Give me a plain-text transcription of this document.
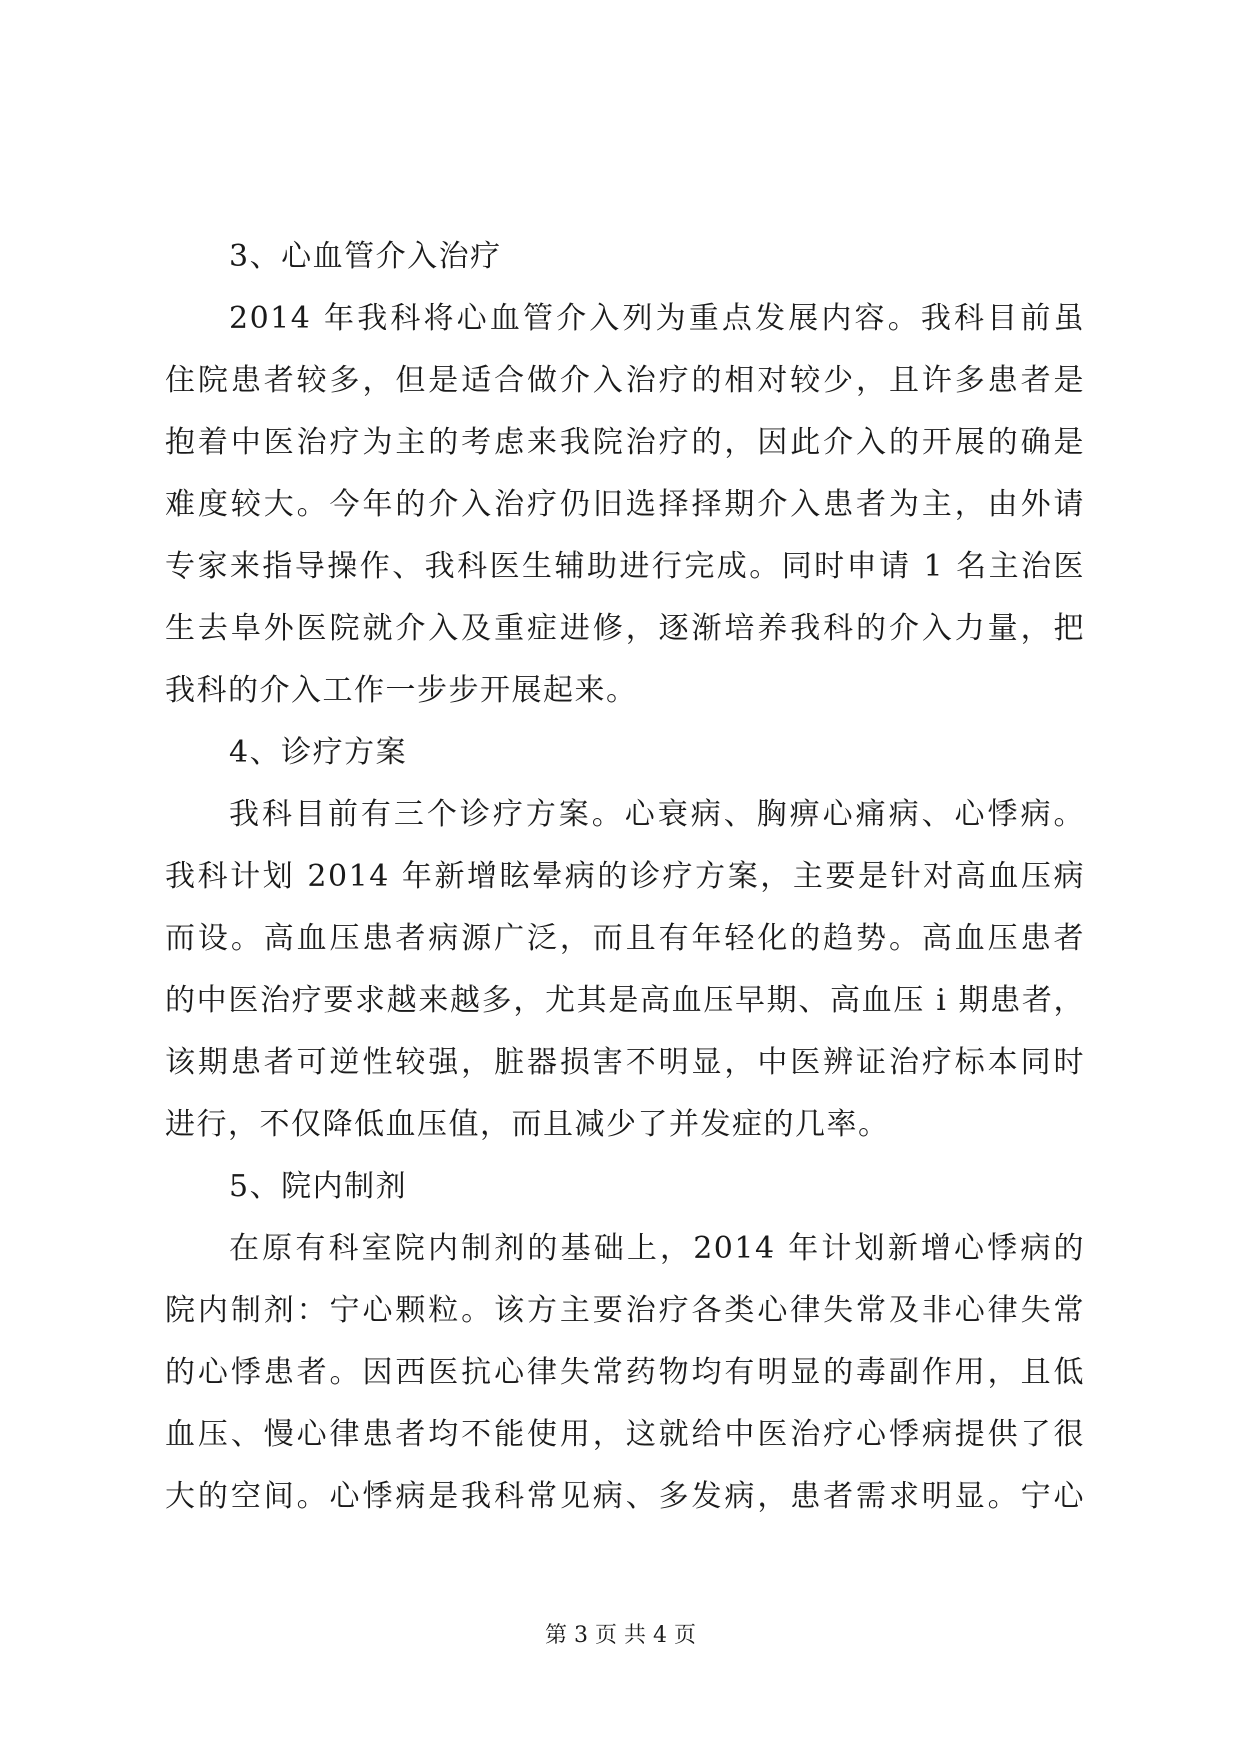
3、心血管介入治疗
2014 年我科将心血管介入列为重点发展内容。我科目前虽
住院患者较多，但是适合做介入治疗的相对较少，且许多患者是
抱着中医治疗为主的考虑来我院治疗的，因此介入的开展的确是
难度较大。今年的介入治疗仍旧选择择期介入患者为主，由外请
专家来指导操作、我科医生辅助进行完成。同时申请 1 名主治医
生去阜外医院就介入及重症进修，逐渐培养我科的介入力量，把
我科的介入工作一步步开展起来。
4、诊疗方案
我科目前有三个诊疗方案。心衰病、胸痹心痛病、心悸病。
我科计划 2014 年新增眩晕病的诊疗方案，主要是针对高血压病
而设。高血压患者病源广泛，而且有年轻化的趋势。高血压患者
的中医治疗要求越来越多，尤其是高血压早期、高血压 i 期患者，
该期患者可逆性较强，脏器损害不明显，中医辨证治疗标本同时
进行，不仅降低血压值，而且减少了并发症的几率。
5、院内制剂
在原有科室院内制剂的基础上，2014 年计划新增心悸病的
院内制剂：宁心颗粒。该方主要治疗各类心律失常及非心律失常
的心悸患者。因西医抗心律失常药物均有明显的毒副作用，且低
血压、慢心律患者均不能使用，这就给中医治疗心悸病提供了很
大的空间。心悸病是我科常见病、多发病，患者需求明显。宁心
第 3 页 共 4 页
